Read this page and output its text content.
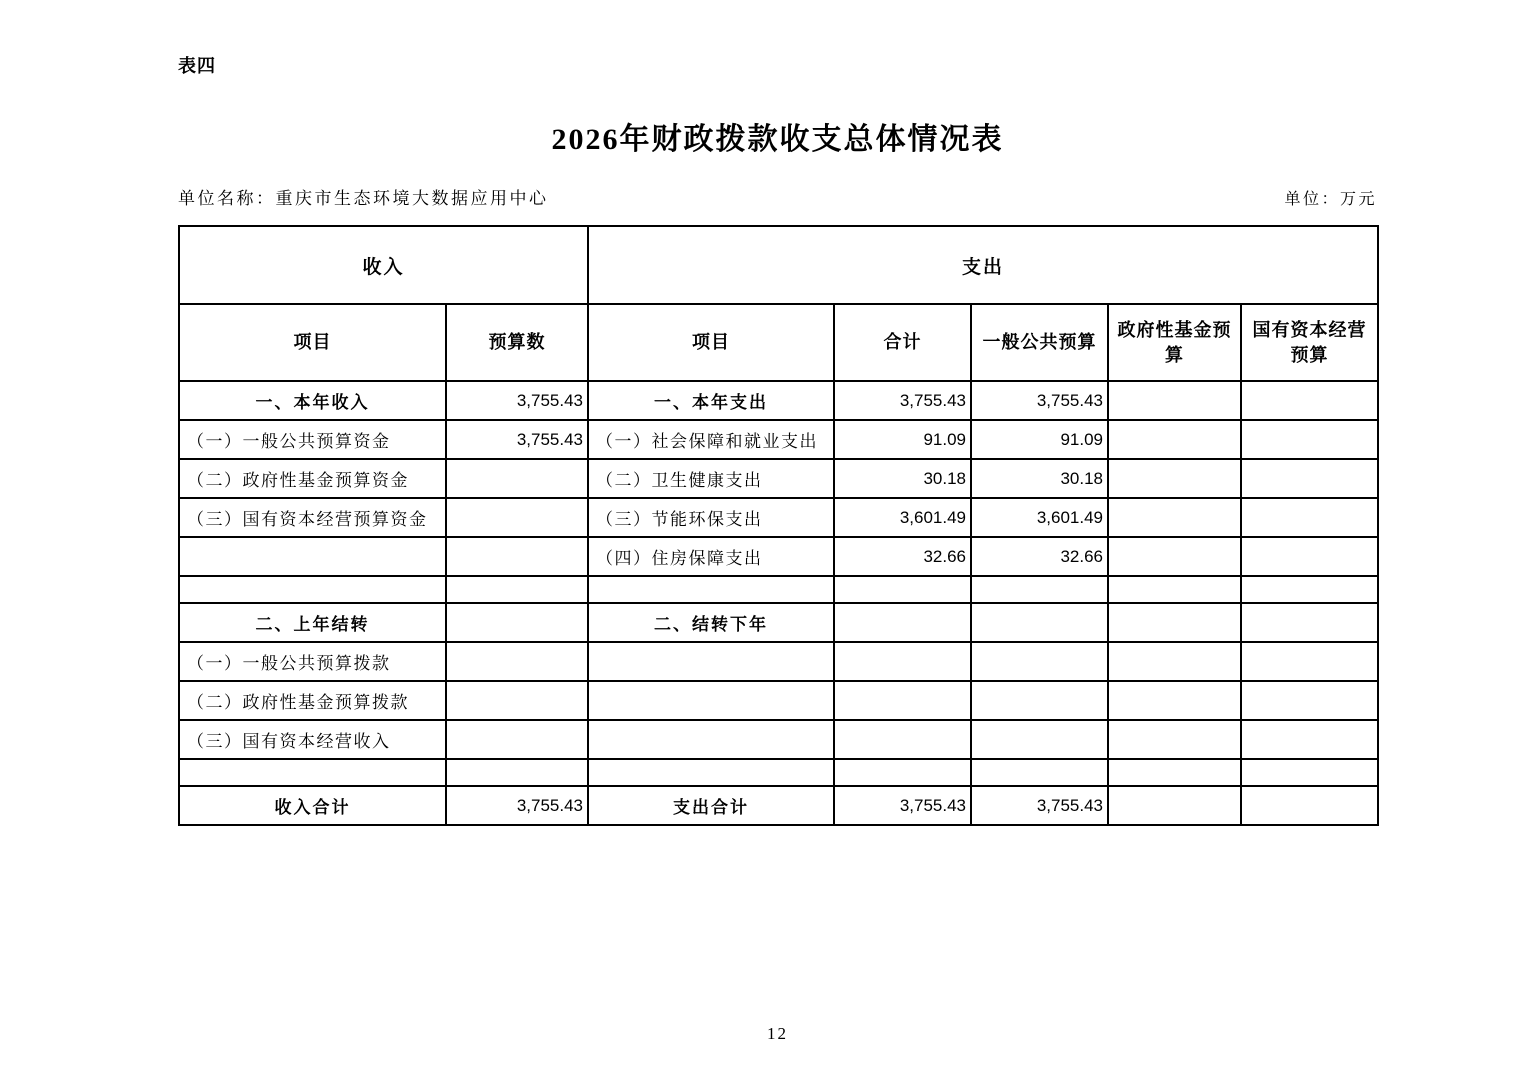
表四
2026年财政拨款收支总体情况表
单位名称：重庆市生态环境大数据应用中心	单位：万元
收入		支出				
项目	预算数	项目	合计	一般公共预算	政府性基金预算	国有资本经营预算
一、本年收入	3,755.43	一、本年支出	3,755.43	3,755.43		
（一）一般公共预算资金	3,755.43	（一）社会保障和就业支出	91.09	91.09		
（二）政府性基金预算资金		（二）卫生健康支出	30.18	30.18		
（三）国有资本经营预算资金		（三）节能环保支出	3,601.49	3,601.49		
		（四）住房保障支出	32.66	32.66		

二、上年结转		二、结转下年				
（一）一般公共预算拨款						
（二）政府性基金预算拨款						
（三）国有资本经营收入						

收入合计	3,755.43	支出合计	3,755.43	3,755.43		
12
